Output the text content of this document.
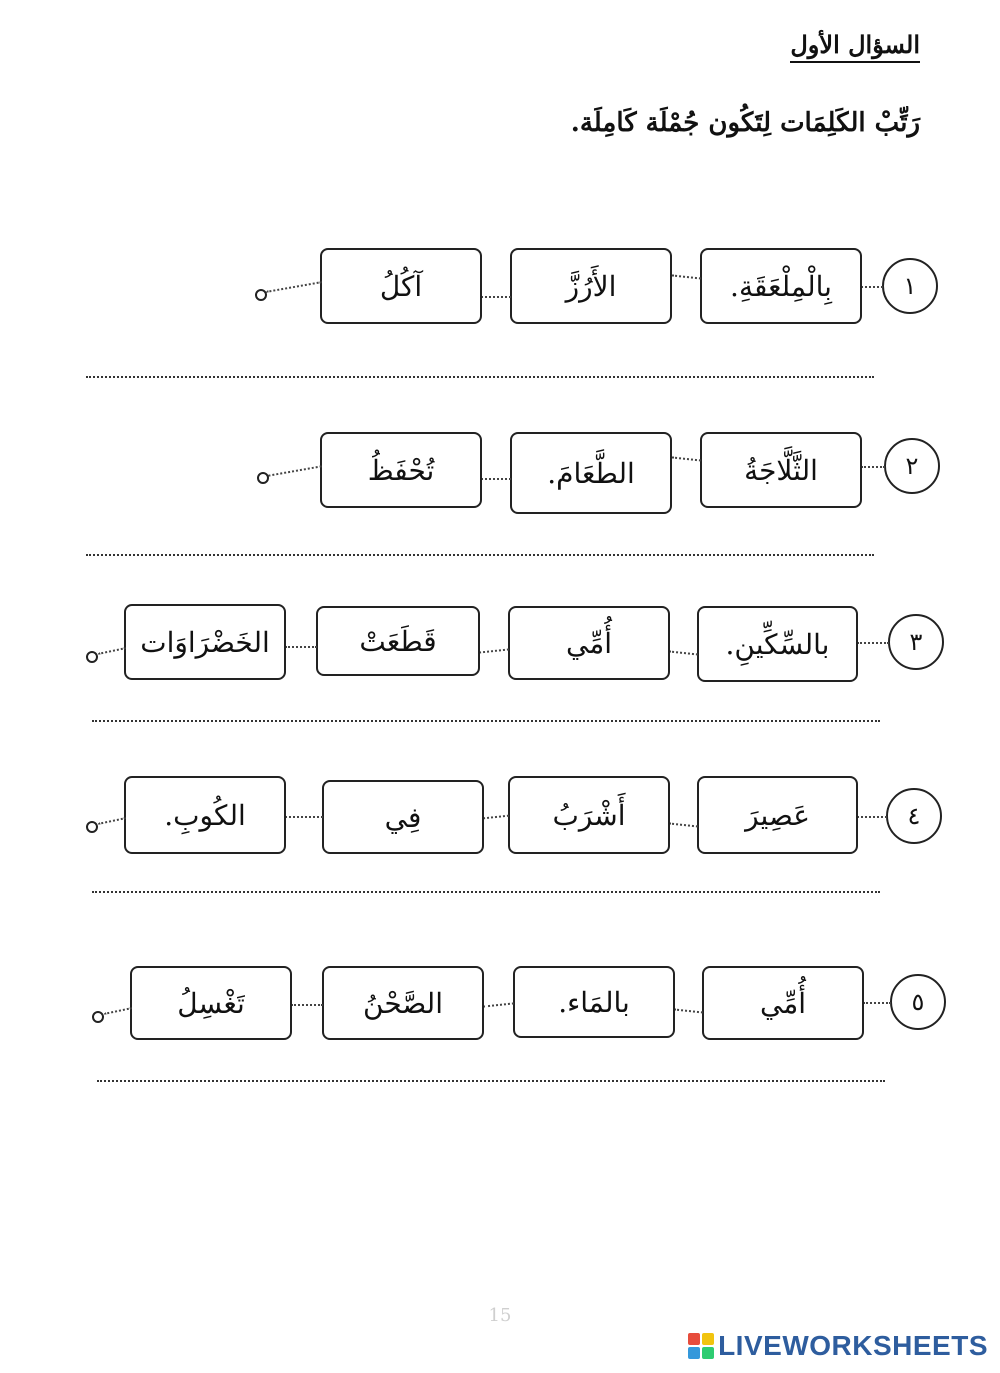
السؤال الأول
رَتِّبْ الكَلِمَات لِتَكُون جُمْلَة كَامِلَة.
١
بِالْمِلْعَقَةِ.
الأَرُزَّ
آكُلُ
٢
الثَّلَّاجَةُ
الطَّعَامَ.
تُحْفَظُ
٣
بالسِّكِّينِ.
أُمِّي
قَطَعَتْ
الخَضْرَاوَات
٤
عَصِيرَ
أَشْرَبُ
فِي
الكُوبِ.
٥
أُمِّي
بالمَاء.
الصَّحْنُ
تَغْسِلُ
15
LIVEWORKSHEETS
